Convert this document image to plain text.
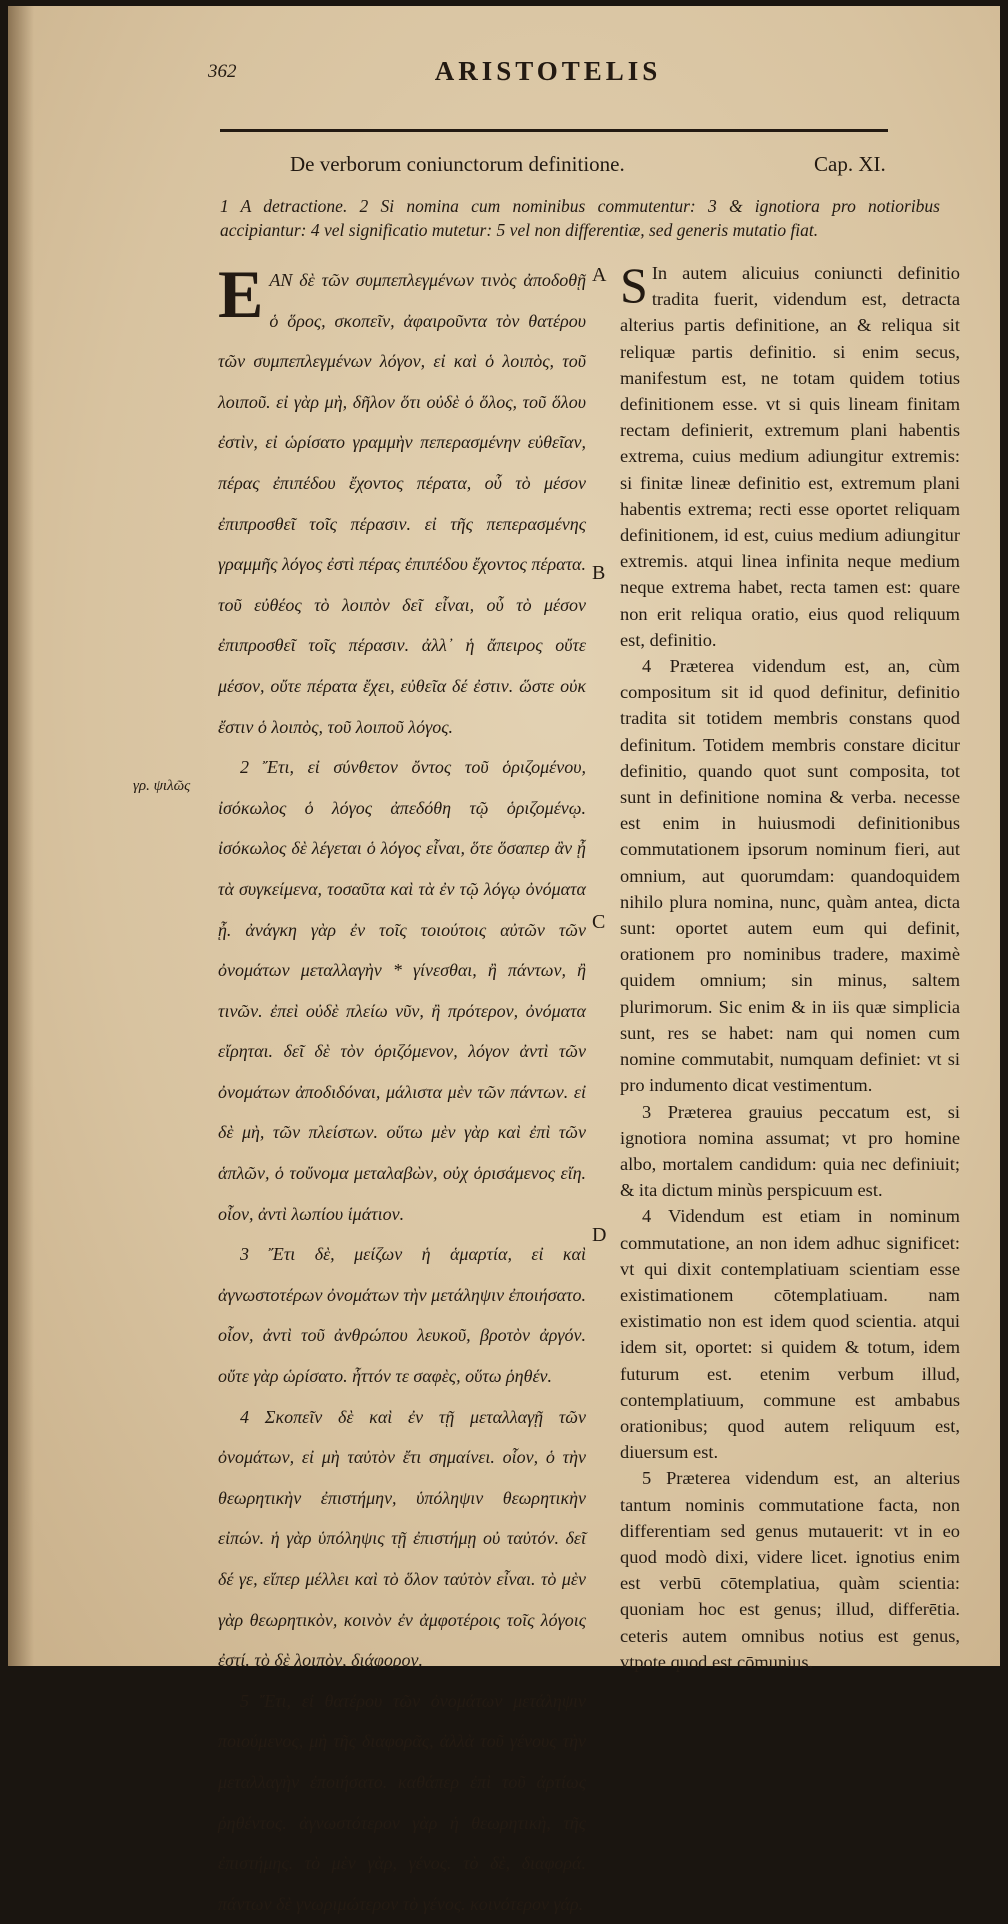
362	ARISTOTELIS
De verborum coniunctorum definitione.	Cap. XI.
1 A detractione. 2 Si nomina cum nominibus commutentur: 3 & ignotiora pro notioribus
accipiantur: 4 vel significatio mutetur: 5 vel non differentiæ, sed generis mutatio fiat.
γρ. ψιλῶς

EΑΝ δὲ τῶν συμπεπλεγμένων τινὸς ἀποδοθῇ ὁ ὅρος, σκοπεῖν, ἀφαιροῦντα τὸν θατέρου τῶν συμπεπλεγμένων λόγον, εἰ καὶ ὁ λοιπὸς, τοῦ λοιποῦ. εἰ γὰρ μὴ, δῆλον ὅτι οὐδὲ ὁ ὅλος, τοῦ ὅλου ἐστὶν, εἰ ὡρίσατο γραμμὴν πεπερασμένην εὐθεῖαν, πέρας ἐπιπέδου ἔχοντος πέρατα, οὗ τὸ μέσον ἐπιπροσθεῖ τοῖς πέρασιν. εἰ τῆς πεπερασμένης γραμμῆς λόγος ἐστὶ πέρας ἐπιπέδου ἔχοντος πέρατα. τοῦ εὐθέος τὸ λοιπὸν δεῖ εἶναι, οὗ τὸ μέσον ἐπιπροσθεῖ τοῖς πέρασιν. ἀλλ᾽ ἡ ἄπειρος οὔτε μέσον, οὔτε πέρατα ἔχει, εὐθεῖα δέ ἐστιν. ὥστε οὐκ ἔστιν ὁ λοιπὸς, τοῦ λοιποῦ λόγος.

2 Ἔτι, εἰ σύνθετον ὄντος τοῦ ὁριζομένου, ἰσόκωλος ὁ λόγος ἀπεδόθη τῷ ὁριζομένῳ. ἰσόκωλος δὲ λέγεται ὁ λόγος εἶναι, ὅτε ὅσαπερ ἂν ᾖ τὰ συγκείμενα, τοσαῦτα καὶ τὰ ἐν τῷ λόγῳ ὀνόματα ᾖ. ἀνάγκη γὰρ ἐν τοῖς τοιούτοις αὐτῶν τῶν ὀνομάτων μεταλλαγὴν * γίνεσθαι, ἢ πάντων, ἢ τινῶν. ἐπεὶ οὐδὲ πλείω νῦν, ἢ πρότερον, ὀνόματα εἴρηται. δεῖ δὲ τὸν ὁριζόμενον, λόγον ἀντὶ τῶν ὀνομάτων ἀποδιδόναι, μάλιστα μὲν τῶν πάντων. εἰ δὲ μὴ, τῶν πλείστων. οὕτω μὲν γὰρ καὶ ἐπὶ τῶν ἁπλῶν, ὁ τοὔνομα μεταλαβὼν, οὐχ ὁρισάμενος εἴη. οἷον, ἀντὶ λωπίου ἱμάτιον.

3 Ἔτι δὲ, μείζων ἡ ἁμαρτία, εἰ καὶ ἀγνωστοτέρων ὀνομάτων τὴν μετάληψιν ἐποιήσατο. οἷον, ἀντὶ τοῦ ἀνθρώπου λευκοῦ, βροτὸν ἀργόν. οὔτε γὰρ ὡρίσατο. ἧττόν τε σαφὲς, οὕτω ῥηθέν.

4 Σκοπεῖν δὲ καὶ ἐν τῇ μεταλλαγῇ τῶν ὀνομάτων, εἰ μὴ ταὐτὸν ἔτι σημαίνει. οἷον, ὁ τὴν θεωρητικὴν ἐπιστήμην, ὑπόληψιν θεωρητικὴν εἰπών. ἡ γὰρ ὑπόληψις τῇ ἐπιστήμῃ οὐ ταὐτόν. δεῖ δέ γε, εἴπερ μέλλει καὶ τὸ ὅλον ταὐτὸν εἶναι. τὸ μὲν γὰρ θεωρητικὸν, κοινὸν ἐν ἀμφοτέροις τοῖς λόγοις ἐστί. τὸ δὲ λοιπὸν, διάφορον.

5 Ἔτι, εἰ θατέρου τῶν ὀνομάτων μετάληψιν ποιούμενος, μὴ τῆς διαφορᾶς, ἀλλὰ τοῦ γένους τὴν μεταλλαγὴν ἐποιήσατο. καθάπερ ἐπὶ τοῦ ἀρτίως ῥηθέντος. ἀγνωστότερον γὰρ ἡ θεωρητικὴ, τῆς ἐπιστήμης. τὸ μὲν γὰρ, γένος. τὸ δὲ, διαφορά. πάντων δὲ γνωριμώτερον τὸ γένος. κοινότερον γάρ.

A
B
C
D

S In autem alicuius coniuncti definitio tradita fuerit, videndum est, detracta alterius partis definitione, an & reliqua sit reliquæ partis definitio. si enim secus, manifestum est, ne totam quidem totius definitionem esse. vt si quis lineam finitam rectam definierit, extremum plani habentis extrema, cuius medium adiungitur extremis: si finitæ lineæ definitio est, extremum plani habentis extrema; recti esse oportet reliquam definitionem, id est, cuius medium adiungitur extremis. atqui linea infinita neque medium neque extrema habet, recta tamen est: quare non erit reliqua oratio, eius quod reliquum est, definitio.

4 Præterea videndum est, an, cùm compositum sit id quod definitur, definitio tradita sit totidem membris constans quod definitum. Totidem membris constare dicitur definitio, quando quot sunt composita, tot sunt in definitione nomina & verba. necesse est enim in huiusmodi definitionibus commutationem ipsorum nominum fieri, aut omnium, aut quorumdam: quandoquidem nihilo plura nomina, nunc, quàm antea, dicta sunt: oportet autem eum qui definit, orationem pro nominibus tradere, maximè quidem omnium; sin minus, saltem plurimorum. Sic enim & in iis quæ simplicia sunt, res se habet: nam qui nomen cum nomine commutabit, numquam definiet: vt si pro indumento dicat vestimentum.

3 Præterea grauius peccatum est, si ignotiora nomina assumat; vt pro homine albo, mortalem candidum: quia nec definiuit; & ita dictum minùs perspicuum est.

4 Videndum est etiam in nominum commutatione, an non idem adhuc significet: vt qui dixit contemplatiuam scientiam esse existimationem cōtemplatiuam. nam existimatio non est idem quod scientia. atqui idem sit, oportet: si quidem & totum, idem futurum est. etenim verbum illud, contemplatiuum, commune est ambabus orationibus; quod autem reliquum est, diuersum est.

5 Præterea videndum est, an alterius tantum nominis commutatione facta, non differentiam sed genus mutauerit: vt in eo quod modò dixi, videre licet. ignotius enim est verbū cōtemplatiua, quàm scientia: quoniam hoc est genus; illud, differētia. ceteris autem omnibus notius est genus, vtpote quod est cōmunius.
